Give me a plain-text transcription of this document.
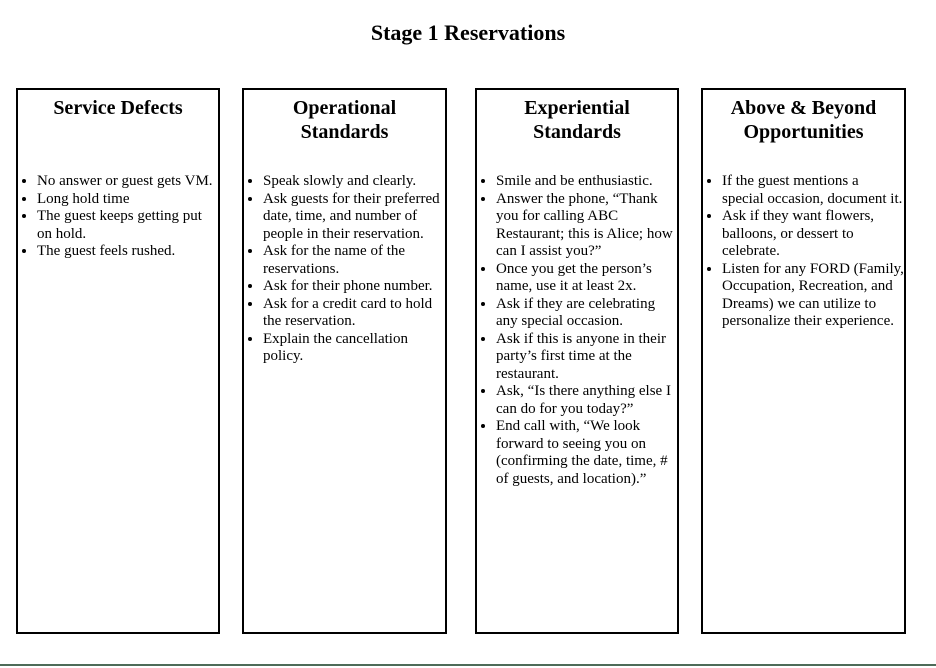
Stage 1 Reservations
Service Defects
• No answer or guest gets VM.
• Long hold time
• The guest keeps getting put on hold.
• The guest feels rushed.
Operational Standards
• Speak slowly and clearly.
• Ask guests for their preferred date, time, and number of people in their reservation.
• Ask for the name of the reservations.
• Ask for their phone number.
• Ask for a credit card to hold the reservation.
• Explain the cancellation policy.
Experiential Standards
• Smile and be enthusiastic.
• Answer the phone, “Thank you for calling ABC Restaurant; this is Alice; how can I assist you?”
• Once you get the person’s name, use it at least 2x.
• Ask if they are celebrating any special occasion.
• Ask if this is anyone in their party’s first time at the restaurant.
• Ask, “Is there anything else I can do for you today?”
• End call with, “We look forward to seeing you on (confirming the date, time, # of guests, and location).”
Above & Beyond Opportunities
• If the guest mentions a special occasion, document it.
• Ask if they want flowers, balloons, or dessert to celebrate.
• Listen for any FORD (Family, Occupation, Recreation, and Dreams) we can utilize to personalize their experience.
